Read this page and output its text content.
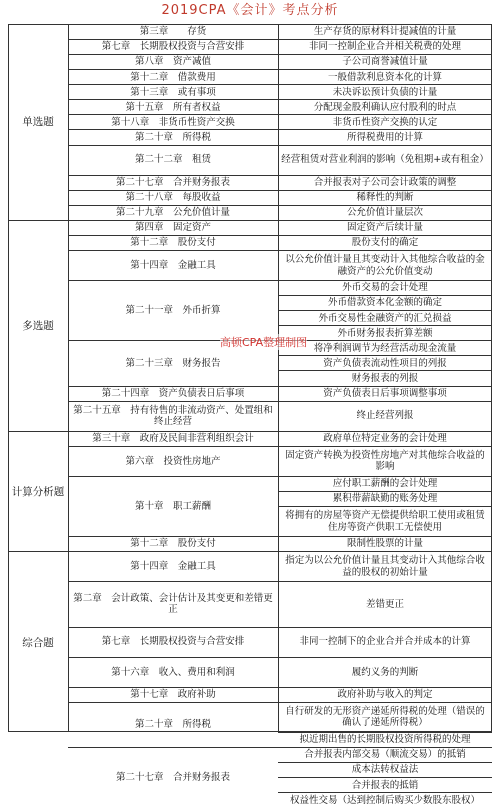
2019CPA《会计》考点分析
单选题
多选题
计算分析题
综合题
第三章　　存货
第七章　长期股权投资与合营安排
第八章　资产减值
第十二章　借款费用
第十三章　或有事项
第十五章　所有者权益
第十八章　非货币性资产交换
第二十章　所得税
第二十二章　租赁
第二十七章　合并财务报表
第二十八章　每股收益
第二十九章　公允价值计量
第四章　固定资产
第十二章　股份支付
第十四章　金融工具
第二十一章　外币折算
第二十三章　财务报告
第二十四章　资产负债表日后事项
第二十五章　持有待售的非流动资产、处置组和终止经营
第三十章　政府及民间非营利组织会计
第六章　投资性房地产
第十章　职工薪酬
第十二章　股份支付
第十四章　金融工具
第二章　会计政策、会计估计及其变更和差错更正
第七章　长期股权投资与合营安排
第十六章　收入、费用和利润
第十七章　政府补助
第二十章　所得税
第二十七章　合并财务报表
生产存货的原材料计提减值的计量
非同一控制企业合并相关税费的处理
子公司商誉减值计量
一般借款利息资本化的计算
未决诉讼预计负债的计量
分配现金股利确认应付股利的时点
非货币性资产交换的认定
所得税费用的计算
经营租赁对营业利润的影响（免租期+或有租金）
合并报表对子公司会计政策的调整
稀释性的判断
公允价值计量层次
固定资产后续计量
股份支付的确定
以公允价值计量且其变动计入其他综合收益的金融资产的公允价值变动
外币交易的会计处理
外币借款资本化金额的确定
外币交易性金融资产的汇兑损益
外币财务报表折算差额
将净利润调节为经营活动现金流量
资产负债表流动性项目的列报
财务报表的列报
资产负债表日后事项调整事项
终止经营列报
政府单位特定业务的会计处理
固定资产转换为投资性房地产对其他综合收益的影响
应付职工薪酬的会计处理
累积带薪缺勤的账务处理
将拥有的房屋等资产无偿提供给职工使用或租赁住房等资产供职工无偿使用
限制性股票的计量
指定为以公允价值计量且其变动计入其他综合收益的股权的初始计量
差错更正
非同一控制下的企业合并合并成本的计算
履约义务的判断
政府补助与收入的判定
自行研发的无形资产递延所得税的处理（错误的确认了递延所得税）
拟近期出售的长期股权投资所得税的处理
合并报表内部交易（顺流交易）的抵销
成本法转权益法
合并报表的抵销
权益性交易（达到控制后购买少数股东股权）
高顿CPA整理制图
